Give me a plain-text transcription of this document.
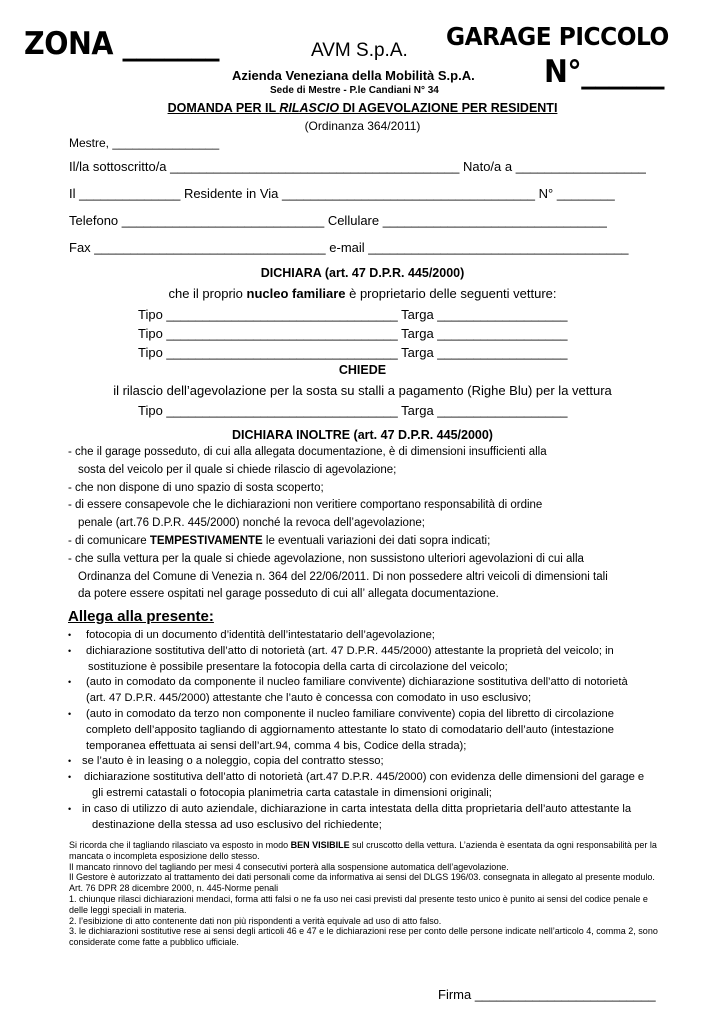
ZONA _______	AVM S.p.A.
Azienda Veneziana della Mobilità S.p.A.
Sede di Mestre - P.le Candiani N° 34
GARAGE PICCOLO
N°______
DOMANDA PER IL RILASCIO DI AGEVOLAZIONE PER RESIDENTI
(Ordinanza 364/2011)
Mestre, ________________
Il/la sottoscritto/a ________________________________________ Nato/a a __________________
Il ______________ Residente in Via ___________________________________ N° ________
Telefono ____________________________ Cellulare _______________________________
Fax ________________________________ e-mail ____________________________________
DICHIARA (art. 47 D.P.R. 445/2000)
che il proprio nucleo familiare è proprietario delle seguenti vetture:
Tipo ________________________________ Targa __________________
Tipo ________________________________ Targa __________________
Tipo ________________________________ Targa __________________
CHIEDE
il rilascio dell’agevolazione per la sosta su stalli a pagamento (Righe Blu) per la vettura
Tipo ________________________________ Targa __________________
DICHIARA INOLTRE (art. 47 D.P.R. 445/2000)
- che il garage posseduto, di cui alla allegata documentazione, è di dimensioni insufficienti alla
sosta del veicolo per il quale si chiede rilascio di agevolazione;
- che non dispone di uno spazio di sosta scoperto;
- di essere consapevole che le dichiarazioni non veritiere comportano responsabilità di ordine
penale (art.76 D.P.R. 445/2000) nonché la revoca dell’agevolazione;
- di comunicare TEMPESTIVAMENTE le eventuali variazioni dei dati sopra indicati;
- che sulla vettura per la quale si chiede agevolazione, non sussistono ulteriori agevolazioni di cui alla
Ordinanza del Comune di Venezia n. 364 del 22/06/2011. Di non possedere altri veicoli di dimensioni tali
da potere essere ospitati nel garage posseduto di cui all’ allegata documentazione.
Allega alla presente:
•
•
•
•
•
•
•
fotocopia di un documento d’identità dell’intestatario dell’agevolazione;
dichiarazione sostitutiva dell’atto di notorietà (art. 47 D.P.R. 445/2000) attestante la proprietà del veicolo; in
sostituzione è possibile presentare la fotocopia della carta di circolazione del veicolo;
(auto in comodato da componente il nucleo familiare convivente) dichiarazione sostitutiva dell’atto di notorietà
(art. 47 D.P.R. 445/2000) attestante che l’auto è concessa con comodato in uso esclusivo;
(auto in comodato da terzo non componente il nucleo familiare convivente) copia del libretto di circolazione
completo dell’apposito tagliando di aggiornamento attestante lo stato di comodatario dell’auto (intestazione
temporanea effettuata ai sensi dell’art.94, comma 4 bis, Codice della strada);
se l’auto è in leasing o a noleggio, copia del contratto stesso;
dichiarazione sostitutiva dell’atto di notorietà (art.47 D.P.R. 445/2000) con evidenza delle dimensioni del garage e
gli estremi catastali o fotocopia planimetria carta catastale in dimensioni originali;
in caso di utilizzo di auto aziendale, dichiarazione in carta intestata della ditta proprietaria dell’auto attestante la
destinazione della stessa ad uso esclusivo del richiedente;
Si ricorda che il tagliando rilasciato va esposto in modo BEN VISIBILE sul cruscotto della vettura. L’azienda è esentata da ogni responsabilità per la
mancata o incompleta esposizione dello stesso.
Il mancato rinnovo del tagliando per mesi 4 consecutivi porterà alla sospensione automatica dell’agevolazione.
Il Gestore è autorizzato al trattamento dei dati personali come da informativa ai sensi del DLGS 196/03. consegnata in allegato al presente modulo.
Art. 76 DPR 28 dicembre 2000, n. 445-Norme penali
1. chiunque rilasci dichiarazioni mendaci, forma atti falsi o ne fa uso nei casi previsti dal presente testo unico è punito ai sensi del codice penale e
delle leggi speciali in materia.
2. l’esibizione di atto contenente dati non più rispondenti a verità equivale ad uso di atto falso.
3. le dichiarazioni sostitutive rese ai sensi degli articoli 46 e 47 e le dichiarazioni rese per conto delle persone indicate nell’articolo 4, comma 2, sono
considerate come fatte a pubblico ufficiale.
Firma _________________________
